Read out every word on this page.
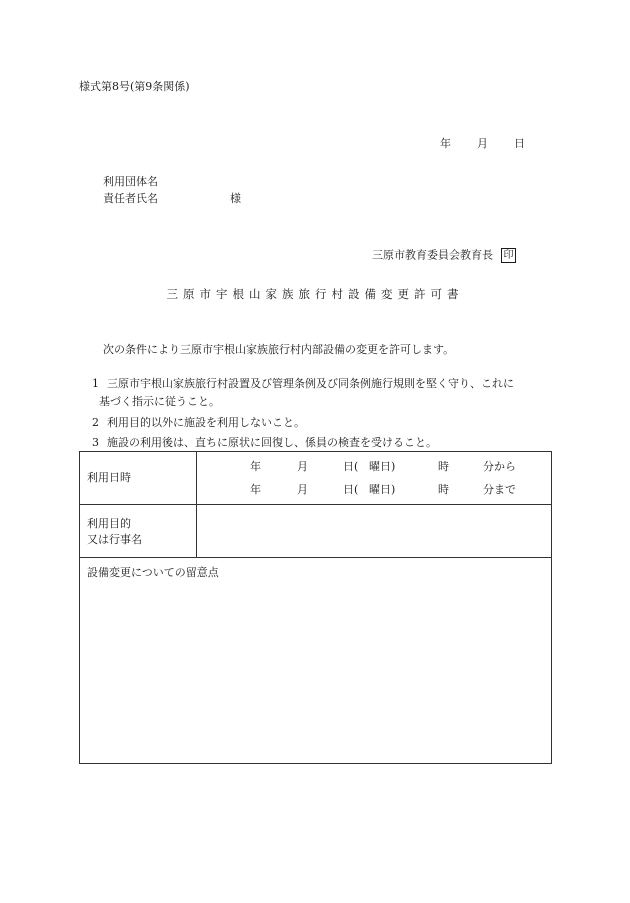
様式第8号(第9条関係)
年 月 日
利用団体名
責任者氏名	様
三原市教育委員会教育長 印
三原市宇根山家族旅行村設備変更許可書
次の条件により三原市宇根山家族旅行村内部設備の変更を許可します。
1 三原市宇根山家族旅行村設置及び管理条例及び同条例施行規則を堅く守り、これに
基づく指示に従うこと。
2 利用目的以外に施設を利用しないこと。
3 施設の利用後は、直ちに原状に回復し、係員の検査を受けること。
利用日時
年	月	日( 曜日)	時	分から
年	月	日( 曜日)	時	分まで
利用目的
又は行事名
設備変更についての留意点
